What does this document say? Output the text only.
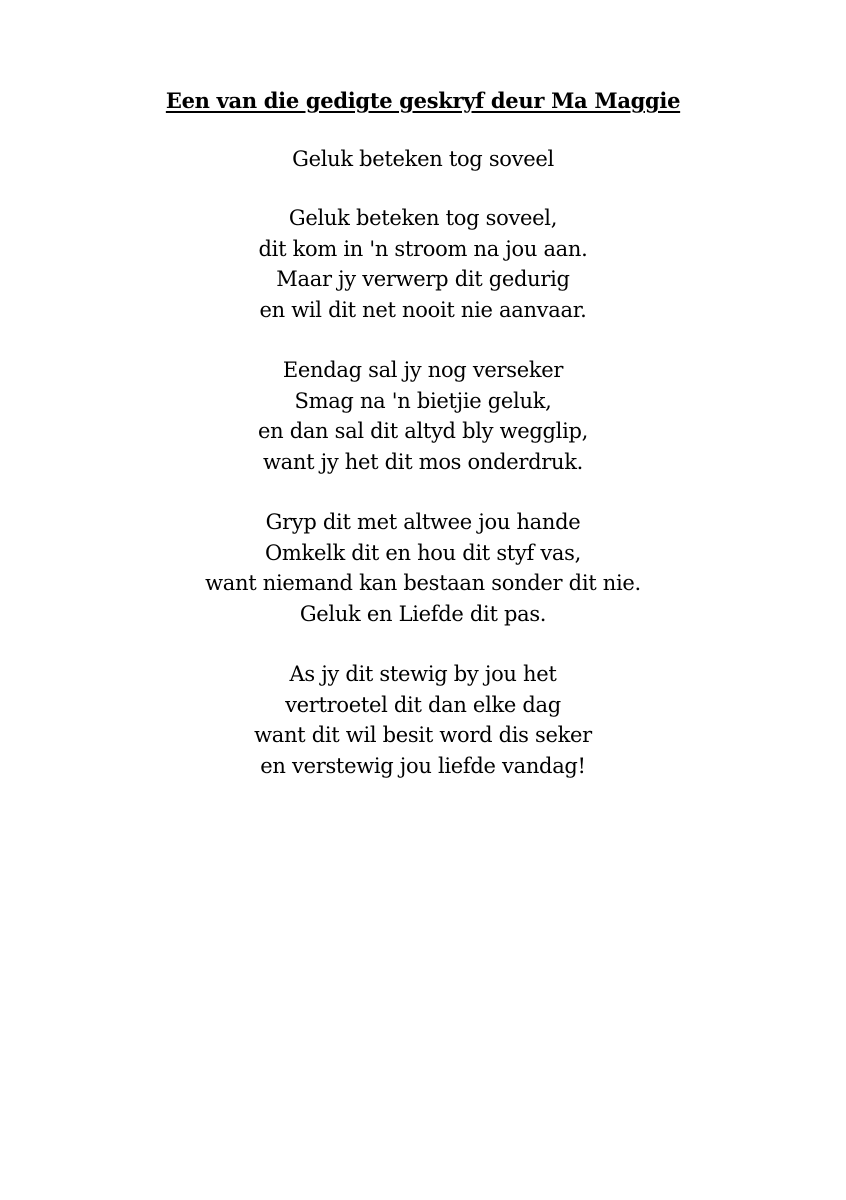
Een van die gedigte geskryf deur Ma Maggie
Geluk beteken tog soveel
Geluk beteken tog soveel,
dit kom in 'n stroom na jou aan.
Maar jy verwerp dit gedurig
en wil dit net nooit nie aanvaar.
Eendag sal jy nog verseker
Smag na 'n bietjie geluk,
en dan sal dit altyd bly wegglip,
want jy het dit mos onderdruk.
Gryp dit met altwee jou hande
Omkelk dit en hou dit styf vas,
want niemand kan bestaan sonder dit nie.
Geluk en Liefde dit pas.
As jy dit stewig by jou het
vertroetel dit dan elke dag
want dit wil besit word dis seker
en verstewig jou liefde vandag!
